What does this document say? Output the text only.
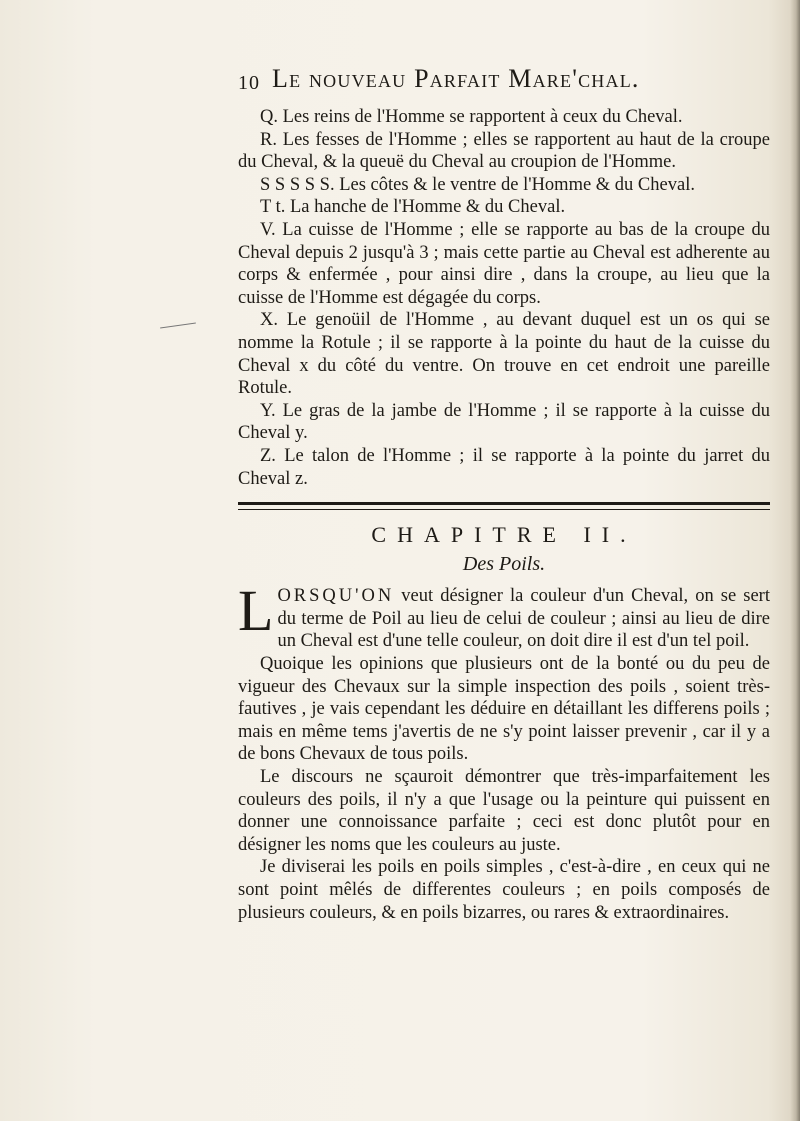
10 Le nouveau Parfait Mare'chal.

Q. Les reins de l'Homme se rapportent à ceux du Cheval.

R. Les fesses de l'Homme ; elles se rapportent au haut de la croupe du Cheval, & la queuë du Cheval au croupion de l'Homme.

S S S S S. Les côtes & le ventre de l'Homme & du Cheval.

T t. La hanche de l'Homme & du Cheval.

V. La cuisse de l'Homme ; elle se rapporte au bas de la croupe du Cheval depuis 2 jusqu'à 3 ; mais cette partie au Cheval est adherente au corps & enfermée , pour ainsi dire , dans la croupe, au lieu que la cuisse de l'Homme est dégagée du corps.

X. Le genoüil de l'Homme , au devant duquel est un os qui se nomme la Rotule ; il se rapporte à la pointe du haut de la cuisse du Cheval x du côté du ventre. On trouve en cet endroit une pareille Rotule.

Y. Le gras de la jambe de l'Homme ; il se rapporte à la cuisse du Cheval y.

Z. Le talon de l'Homme ; il se rapporte à la pointe du jarret du Cheval z.

CHAPITRE II.
Des Poils.

LORSQU'ON veut désigner la couleur d'un Cheval, on se sert du terme de Poil au lieu de celui de couleur ; ainsi au lieu de dire un Cheval est d'une telle couleur, on doit dire il est d'un tel poil.

Quoique les opinions que plusieurs ont de la bonté ou du peu de vigueur des Chevaux sur la simple inspection des poils , soient très-fautives , je vais cependant les déduire en détaillant les differens poils ; mais en même tems j'avertis de ne s'y point laisser prevenir , car il y a de bons Chevaux de tous poils.

Le discours ne sçauroit démontrer que très-imparfaitement les couleurs des poils, il n'y a que l'usage ou la peinture qui puissent en donner une connoissance parfaite ; ceci est donc plutôt pour en désigner les noms que les couleurs au juste.

Je diviserai les poils en poils simples , c'est-à-dire , en ceux qui ne sont point mêlés de differentes couleurs ; en poils composés de plusieurs couleurs, & en poils bizarres, ou rares & extraordinaires.
